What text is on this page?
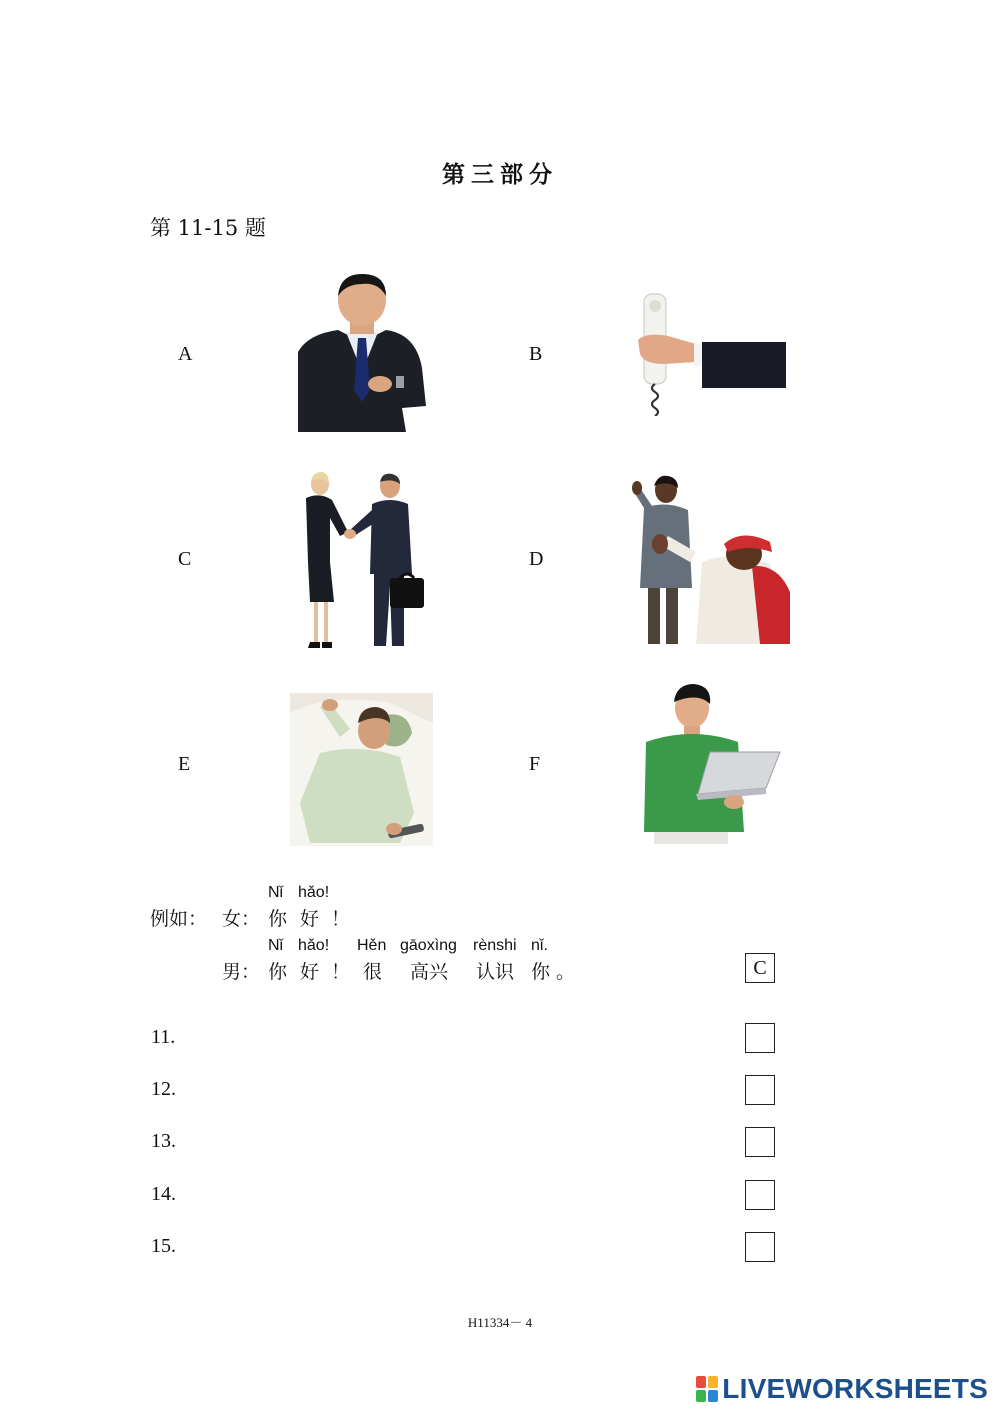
第三部分
第 11-15 题
A	B
C	D
E	F
例如： 女：
Nǐ hǎo!
你 好 ！
男：
Nǐ hǎo! Hěn gāoxìng rènshi nǐ.
你 好 ！ 很 高兴 认识 你 。	C
11.
12.
13.
14.
15.
H11334－ 4
LIVEWORKSHEETS
